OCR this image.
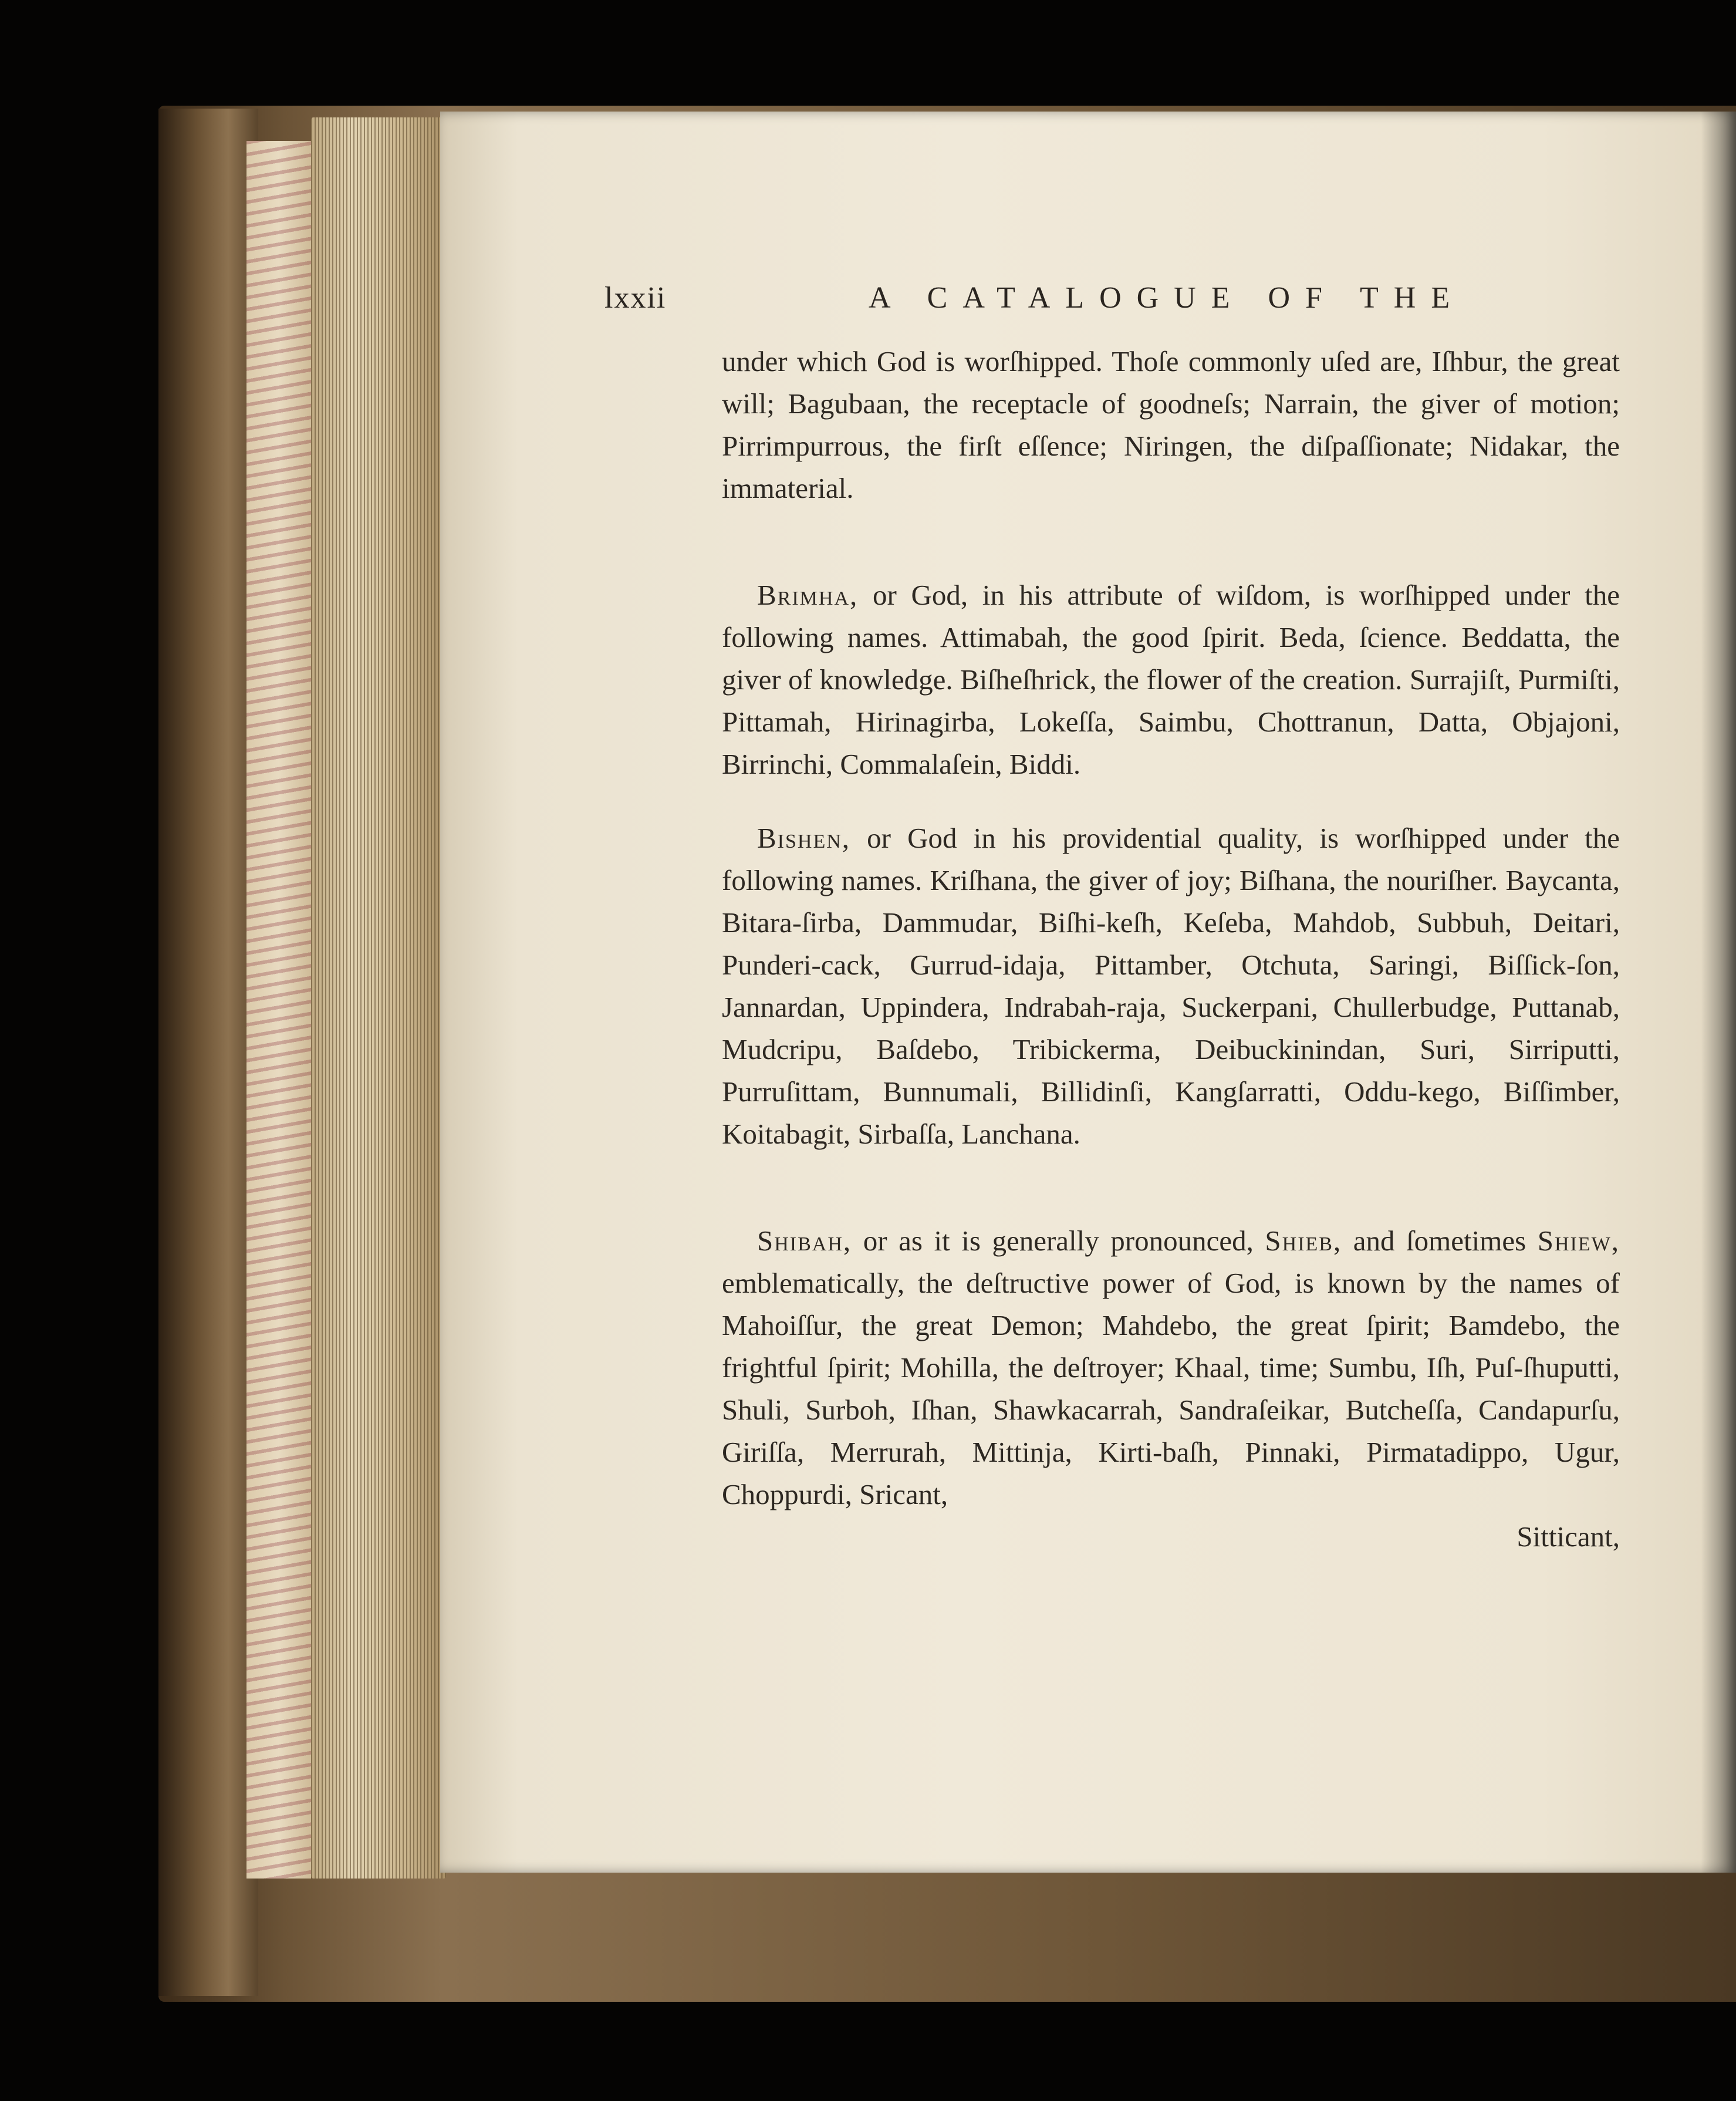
lxxii	A CATALOGUE OF THE

under which God is worſhipped. Thoſe commonly uſed are, Iſhbur, the great will; Bagubaan, the receptacle of goodneſs; Narrain, the giver of motion; Pirrimpurrous, the firſt eſſence; Niringen, the diſpaſſionate; Nidakar, the immaterial.

Brimha, or God, in his attribute of wiſdom, is worſhipped under the following names. Attimabah, the good ſpirit. Beda, ſcience. Beddatta, the giver of knowledge. Biſheſhrick, the flower of the creation. Surrajiſt, Purmiſti, Pittamah, Hirinagirba, Lokeſſa, Saimbu, Chottranun, Datta, Objajoni, Birrinchi, Commalaſein, Biddi.

Bishen, or God in his providential quality, is worſhipped under the following names. Kriſhana, the giver of joy; Biſhana, the nouriſher. Baycanta, Bitara-ſirba, Dammudar, Biſhi-keſh, Keſeba, Mahdob, Subbuh, Deitari, Punderi-cack, Gurrud-idaja, Pittamber, Otchuta, Saringi, Biſſick-ſon, Jannardan, Uppindera, Indrabah-raja, Suckerpani, Chullerbudge, Puttanab, Mudcripu, Baſdebo, Tribickerma, Deibuckinindan, Suri, Sirriputti, Purruſittam, Bunnumali, Billidinſi, Kangſarratti, Oddu-kego, Biſſimber, Koitabagit, Sirbaſſa, Lanchana.

Shibah, or as it is generally pronounced, Shieb, and ſometimes Shiew, emblematically, the deſtructive power of God, is known by the names of Mahoiſſur, the great Demon; Mahdebo, the great ſpirit; Bamdebo, the frightful ſpirit; Mohilla, the deſtroyer; Khaal, time; Sumbu, Iſh, Puſ-ſhuputti, Shuli, Surboh, Iſhan, Shawkacarrah, Sandraſeikar, Butcheſſa, Candapurſu, Giriſſa, Merrurah, Mittinja, Kirti-baſh, Pinnaki, Pirmatadippo, Ugur, Choppurdi, Sricant,

Sitticant,
